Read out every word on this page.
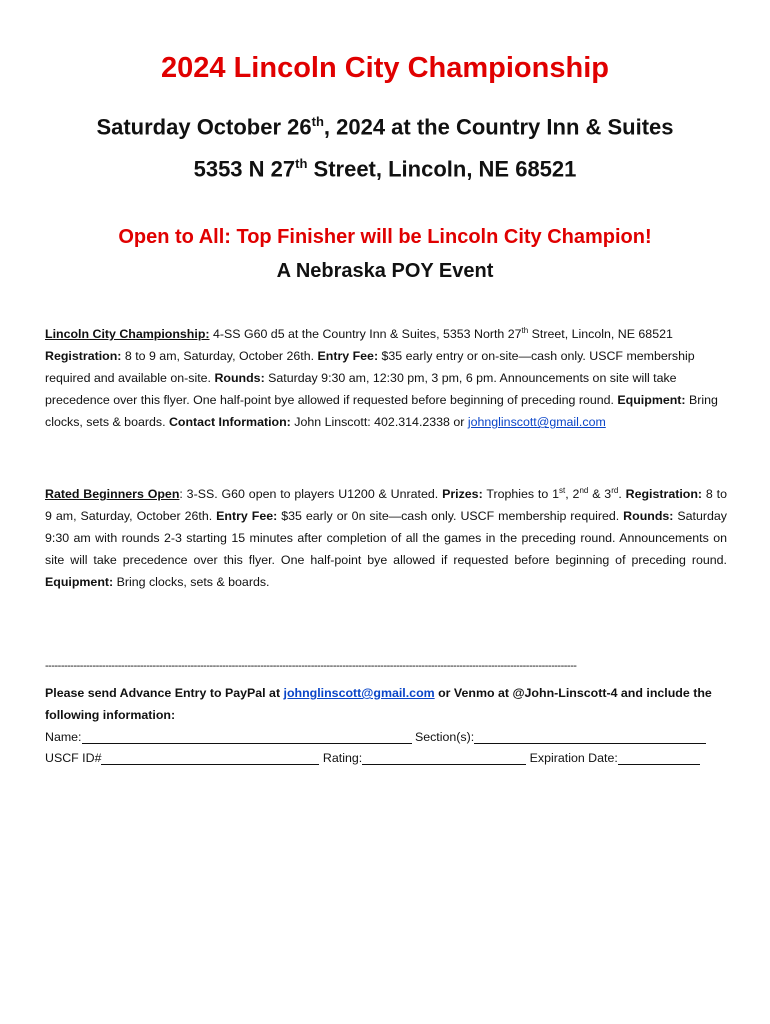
2024 Lincoln City Championship
Saturday October 26th, 2024 at the Country Inn & Suites
5353 N 27th Street, Lincoln, NE 68521
Open to All: Top Finisher will be Lincoln City Champion!
A Nebraska POY Event
Lincoln City Championship: 4-SS G60 d5 at the Country Inn & Suites, 5353 North 27th Street, Lincoln, NE 68521 Registration: 8 to 9 am, Saturday, October 26th. Entry Fee: $35 early entry or on-site—cash only. USCF membership required and available on-site. Rounds: Saturday 9:30 am, 12:30 pm, 3 pm, 6 pm. Announcements on site will take precedence over this flyer. One half-point bye allowed if requested before beginning of preceding round. Equipment: Bring clocks, sets & boards. Contact Information: John Linscott: 402.314.2338 or johnglinscott@gmail.com
Rated Beginners Open: 3-SS. G60 open to players U1200 & Unrated. Prizes: Trophies to 1st, 2nd & 3rd. Registration: 8 to 9 am, Saturday, October 26th. Entry Fee: $35 early or 0n site—cash only. USCF membership required. Rounds: Saturday 9:30 am with rounds 2-3 starting 15 minutes after completion of all the games in the preceding round. Announcements on site will take precedence over this flyer. One half-point bye allowed if requested before beginning of preceding round. Equipment: Bring clocks, sets & boards.
------------------------------------------------------------------------------------------------------------------------------------------------------------------------
Please send Advance Entry to PayPal at johnglinscott@gmail.com or Venmo at @John-Linscott-4 and include the following information:
Name:	Section(s):
USCF ID#	Rating:	Expiration Date:
